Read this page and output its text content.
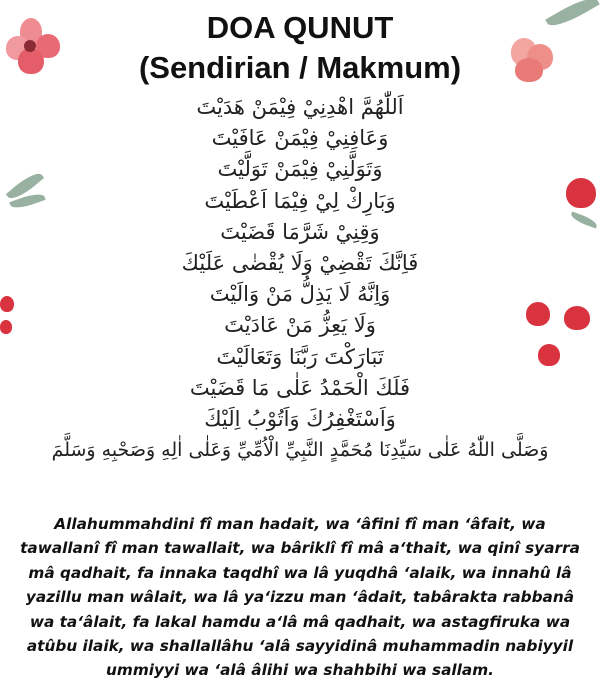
DOA QUNUT
(Sendirian / Makmum)
اَللّٰهُمَّ اهْدِنِيْ فِيْمَنْ هَدَيْتَ
وَعَافِنِيْ فِيْمَنْ عَافَيْتَ
وَتَوَلَّنِيْ فِيْمَنْ تَوَلَّيْتَ
وَبَارِكْ لِيْ فِيْمَا اَعْطَيْتَ
وَقِنِيْ شَرَّمَا قَضَيْتَ
فَاِنَّكَ تَقْضِيْ وَلَا يُقْضٰى عَلَيْكَ
وَاِنَّهُ لَا يَذِلُّ مَنْ وَالَيْتَ
وَلَا يَعِزُّ مَنْ عَادَيْتَ
تَبَارَكْتَ رَبَّنَا وَتَعَالَيْتَ
فَلَكَ الْحَمْدُ عَلٰى مَا قَضَيْتَ
وَاَسْتَغْفِرُكَ وَاَتُوْبُ اِلَيْكَ
وَصَلَّى اللّٰهُ عَلٰى سَيِّدِنَا مُحَمَّدٍ النَّبِيِّ الْاُمِّيِّ وَعَلٰى اٰلِهِ وَصَحْبِهِ وَسَلَّمَ
Allahummahdini fî man hadait, wa ‘âfini fî man ‘âfait, wa
tawallanî fî man tawallait, wa bâriklî fî mâ a‘thait, wa qinî syarra
mâ qadhait, fa innaka taqdhî wa lâ yuqdhâ ‘alaik, wa innahû lâ
yazillu man wâlait, wa lâ ya‘izzu man ‘âdait, tabârakta rabbanâ
wa ta‘âlait, fa lakal hamdu a‘lâ mâ qadhait, wa astagfiruka wa
atûbu ilaik, wa shallallâhu ‘alâ sayyidinâ muhammadin nabiyyil
ummiyyi wa ‘alâ âlihi wa shahbihi wa sallam.
